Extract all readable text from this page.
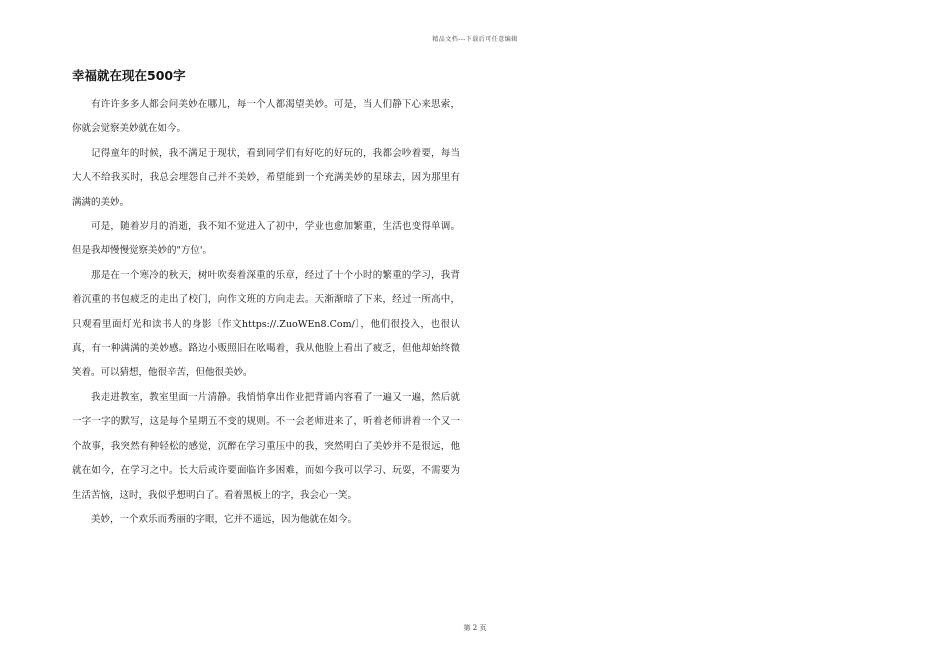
精品文档---下载后可任意编辑
幸福就在现在500字

有许许多多人都会问美妙在哪儿，每一个人都渴望美妙。可是，当人们静下心来思索，你就会觉察美妙就在如今。

记得童年的时候，我不满足于现状，看到同学们有好吃的好玩的，我都会吵着要，每当大人不给我买时，我总会埋怨自己并不美妙，希望能到一个充满美妙的星球去，因为那里有满满的美妙。

可是，随着岁月的消逝，我不知不觉进入了初中，学业也愈加繁重，生活也变得单调。但是我却慢慢觉察美妙的"方位'。

那是在一个寒冷的秋天，树叶吹奏着深重的乐章，经过了十个小时的繁重的学习，我背着沉重的书包疲乏的走出了校门，向作文班的方向走去。天渐渐暗了下来，经过一所高中，只观看里面灯光和读书人的身影〔作文https://.ZuoWEn8.Com/〕，他们很投入，也很认真，有一种满满的美妙感。路边小贩照旧在吆喝着，我从他脸上看出了疲乏，但他却始终微笑着。可以猜想，他很辛苦，但他很美妙。

我走进教室，教室里面一片清静。我悄悄拿出作业把背诵内容看了一遍又一遍，然后就一字一字的默写，这是每个星期五不变的规则。不一会老师进来了，听着老师讲着一个又一个故事，我突然有种轻松的感觉，沉醉在学习重压中的我，突然明白了美妙并不是很远，他就在如今，在学习之中。长大后或许要面临许多困难，而如今我可以学习、玩耍，不需要为生活苦恼，这时，我似乎想明白了。看着黑板上的字，我会心一笑。

美妙，一个欢乐而秀丽的字眼，它并不遥远，因为他就在如今。

第 2 页
